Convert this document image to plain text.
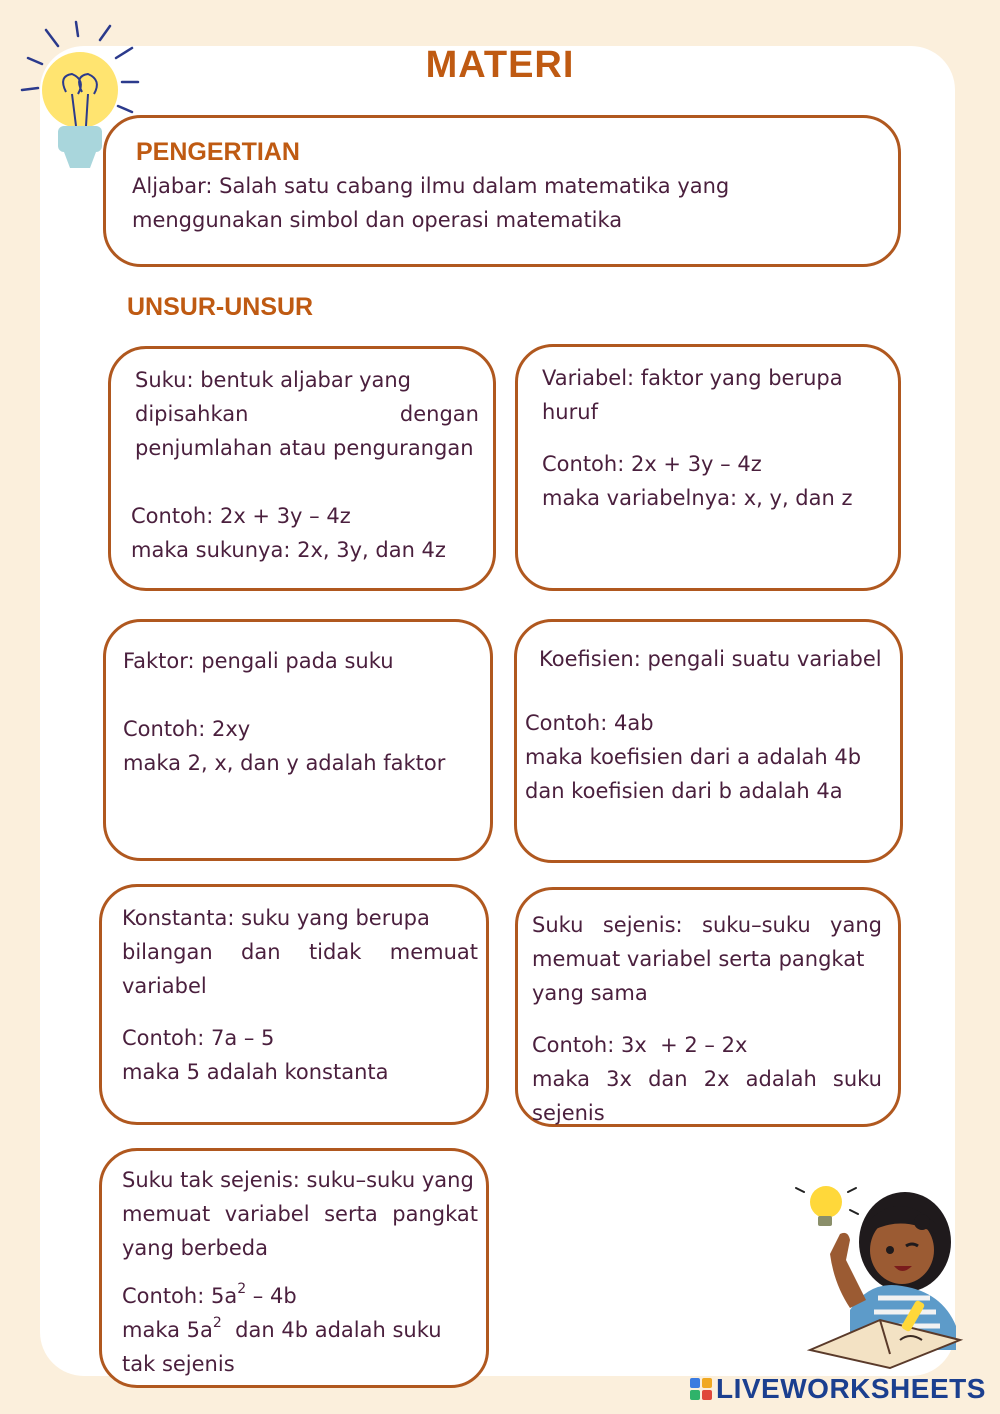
MATERI
PENGERTIAN

Aljabar: Salah satu cabang ilmu dalam matematika yang

menggunakan simbol dan operasi matematika

UNSUR-UNSUR

Suku: bentuk aljabar yang

dipisahkan dengan

penjumlahan atau pengurangan

Contoh: 2x + 3y – 4z

maka sukunya: 2x, 3y, dan 4z

Variabel: faktor yang berupa

huruf

Contoh: 2x + 3y – 4z

maka variabelnya: x, y, dan z

Faktor: pengali pada suku

Contoh: 2xy

maka 2, x, dan y adalah faktor

Koefisien: pengali suatu variabel

Contoh: 4ab

maka koefisien dari a adalah 4b

dan koefisien dari b adalah 4a

Konstanta: suku yang berupa

bilangan dan tidak memuat

variabel

Contoh: 7a – 5

maka 5 adalah konstanta

Suku sejenis: suku–suku yang

memuat variabel serta pangkat

yang sama

Contoh: 3x  + 2 – 2x

maka 3x dan 2x adalah suku

sejenis

Suku tak sejenis: suku–suku yang

memuat variabel serta pangkat

yang berbeda

Contoh: $5a^2 - 4b$

maka $5a^2$  dan 4b adalah suku

tak sejenis

LIVEWORKSHEETS
